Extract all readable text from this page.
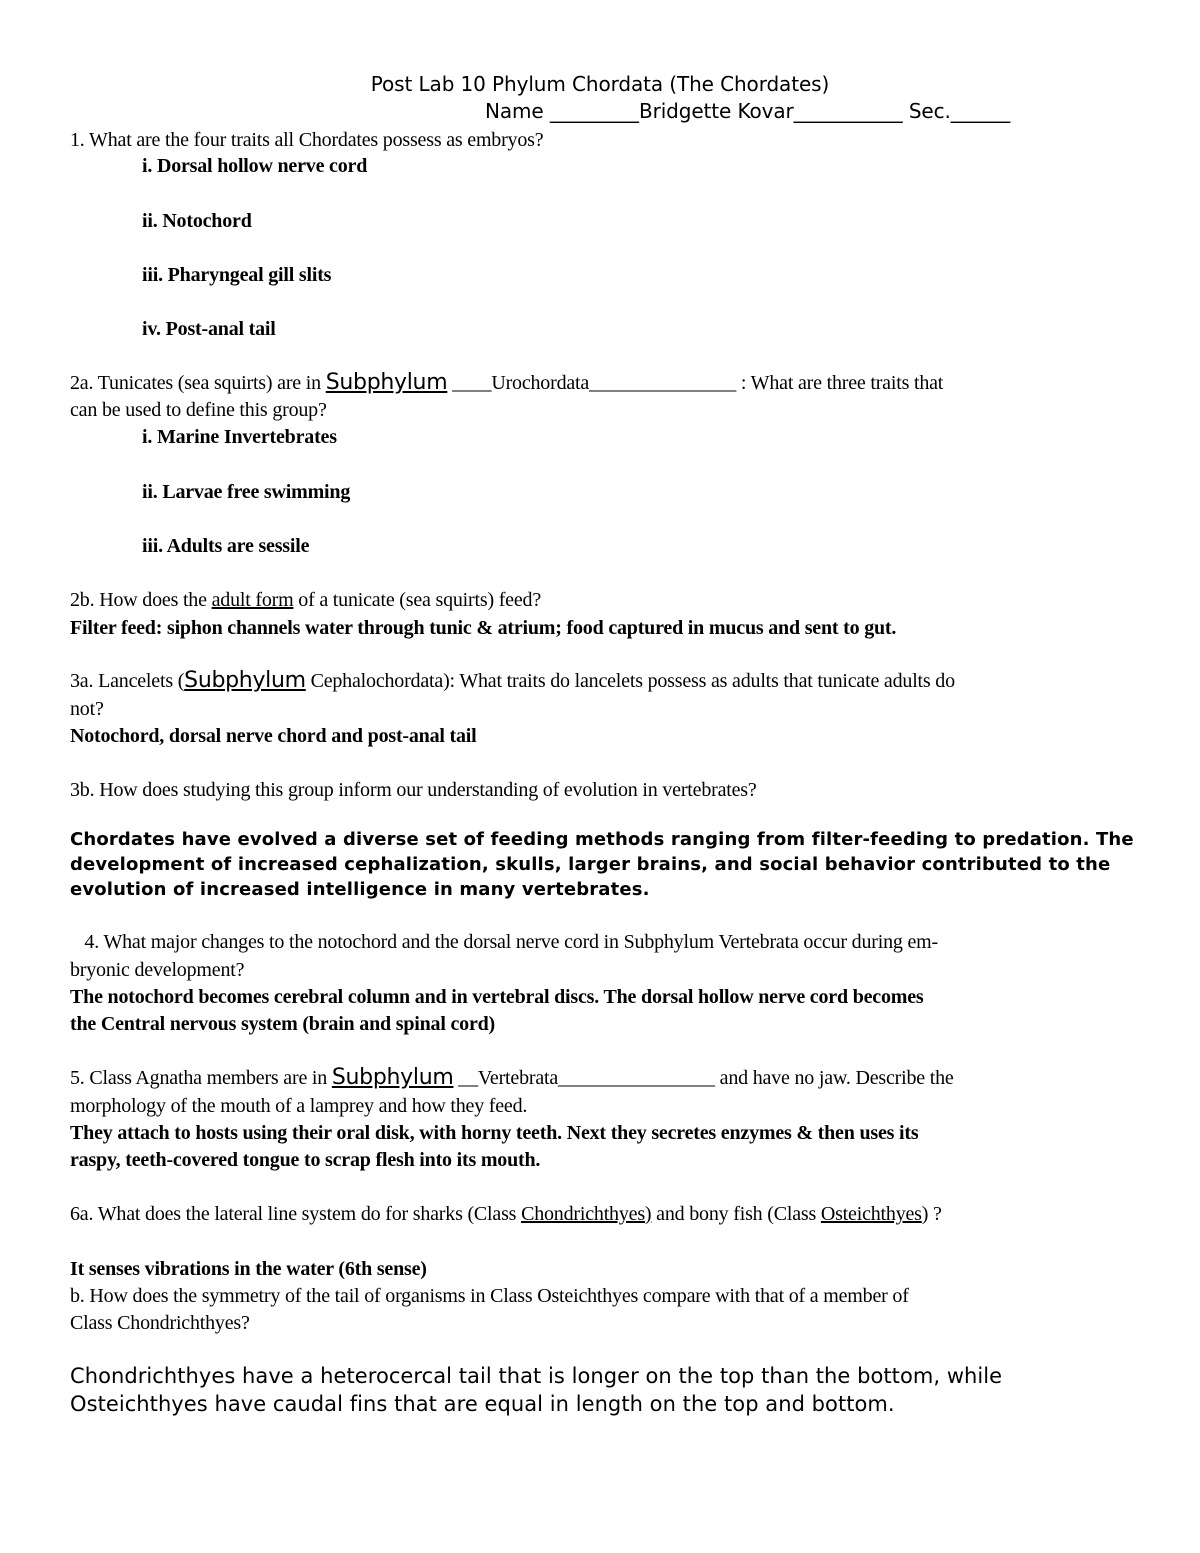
Post Lab 10 Phylum Chordata (The Chordates)
Name _________Bridgette Kovar___________ Sec.______
1. What are the four traits all Chordates possess as embryos?
i. Dorsal hollow nerve cord
ii. Notochord
iii. Pharyngeal gill slits
iv. Post-anal tail
2a. Tunicates (sea squirts) are in Subphylum ____Urochordata_______________ : What are three traits that
can be used to define this group?
i. Marine Invertebrates
ii. Larvae free swimming
iii. Adults are sessile
2b. How does the adult form of a tunicate (sea squirts) feed?
Filter feed: siphon channels water through tunic & atrium; food captured in mucus and sent to gut.
3a. Lancelets (Subphylum Cephalochordata): What traits do lancelets possess as adults that tunicate adults do
not?
Notochord, dorsal nerve chord and post-anal tail
3b. How does studying this group inform our understanding of evolution in vertebrates?
Chordates have evolved a diverse set of feeding methods ranging from filter-feeding to predation. The
development of increased cephalization, skulls, larger brains, and social behavior contributed to the
evolution of increased intelligence in many vertebrates.
4. What major changes to the notochord and the dorsal nerve cord in Subphylum Vertebrata occur during em-
bryonic development?
The notochord becomes cerebral column and in vertebral discs. The dorsal hollow nerve cord becomes
the Central nervous system (brain and spinal cord)
5. Class Agnatha members are in Subphylum __Vertebrata________________ and have no jaw. Describe the
morphology of the mouth of a lamprey and how they feed.
They attach to hosts using their oral disk, with horny teeth. Next they secretes enzymes & then uses its
raspy, teeth-covered tongue to scrap flesh into its mouth.
6a. What does the lateral line system do for sharks (Class Chondrichthyes) and bony fish (Class Osteichthyes) ?
It senses vibrations in the water (6th sense)
b. How does the symmetry of the tail of organisms in Class Osteichthyes compare with that of a member of
Class Chondrichthyes?
Chondrichthyes have a heterocercal tail that is longer on the top than the bottom, while
Osteichthyes have caudal fins that are equal in length on the top and bottom.
